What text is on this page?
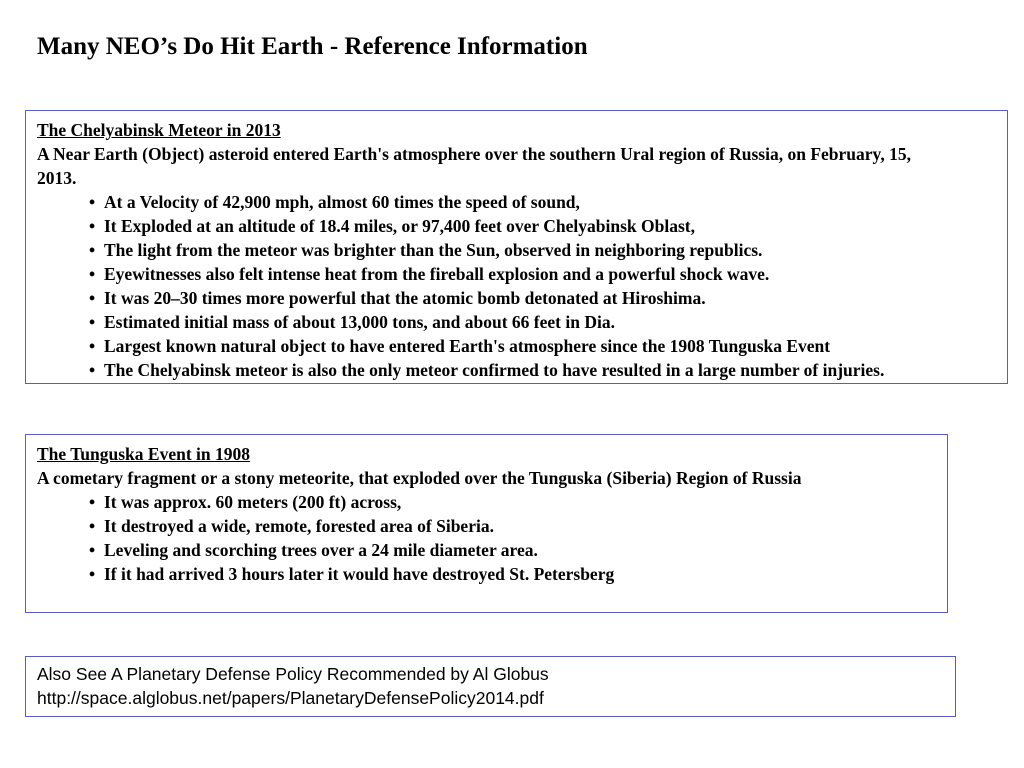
Many NEO’s Do Hit Earth - Reference Information
The Chelyabinsk Meteor in 2013
A Near Earth (Object) asteroid entered Earth's atmosphere over the southern Ural region of Russia, on February, 15, 2013.
• At a Velocity of 42,900 mph, almost 60 times the speed of sound,
• It Exploded at an altitude of 18.4 miles, or 97,400 feet over Chelyabinsk Oblast,
• The light from the meteor was brighter than the Sun, observed in neighboring republics.
• Eyewitnesses also felt intense heat from the fireball explosion and a powerful shock wave.
• It was 20–30 times more powerful that the atomic bomb detonated at Hiroshima.
• Estimated initial mass of about 13,000 tons, and about 66 feet in Dia.
• Largest known natural object to have entered Earth's atmosphere since the 1908 Tunguska Event
• The Chelyabinsk meteor is also the only meteor confirmed to have resulted in a large number of injuries.
The Tunguska Event in 1908
A cometary fragment or a stony meteorite, that exploded over the Tunguska (Siberia) Region of Russia
• It was approx. 60 meters (200 ft) across,
• It destroyed a wide, remote, forested area of Siberia.
• Leveling and scorching trees over a 24 mile diameter area.
• If it had arrived 3 hours later it would have destroyed St. Petersberg
Also See A Planetary Defense Policy Recommended by Al Globus
http://space.alglobus.net/papers/PlanetaryDefensePolicy2014.pdf
